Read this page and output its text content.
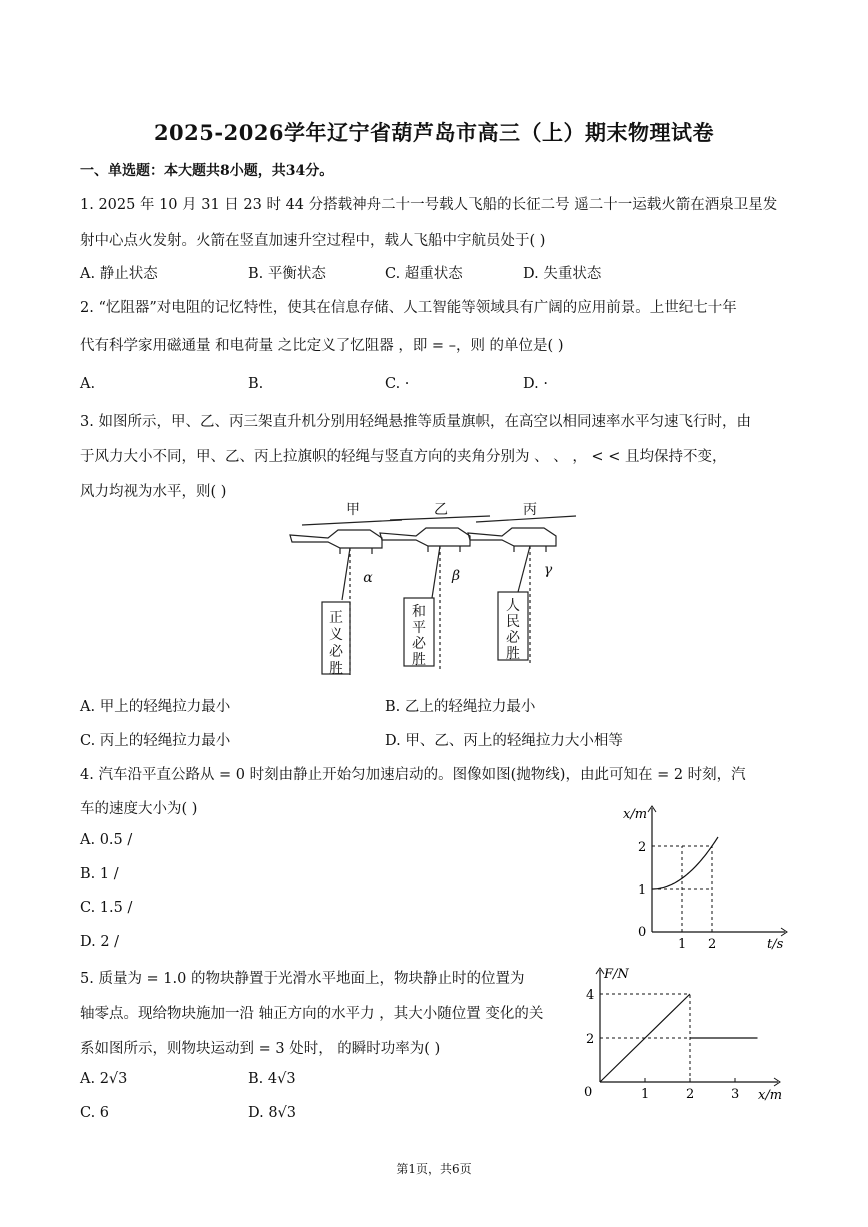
2025-2026学年辽宁省葫芦岛市高三（上）期末物理试卷
一、单选题：本大题共8小题，共34分。
1. 2025 年 10 月 31 日 23 时 44 分搭载神舟二十一号载人飞船的长征二号 遥二十一运载火箭在酒泉卫星发
射中心点火发射。火箭在竖直加速升空过程中，载人飞船中宇航员处于( )
A. 静止状态	B. 平衡状态	C. 超重状态	D. 失重状态
2. “忆阻器”对电阻的记忆特性，使其在信息存储、人工智能等领域具有广阔的应用前景。上世纪七十年
代有科学家用磁通量 和电荷量 之比定义了忆阻器 ，即 = –，则 的单位是( )
A.	B.	C. ·	D. ·
3. 如图所示，甲、乙、丙三架直升机分别用轻绳悬推等质量旗帜，在高空以相同速率水平匀速飞行时，由
于风力大小不同，甲、乙、丙上拉旗帜的轻绳与竖直方向的夹角分别为 、 、 ， < < 且均保持不变，
风力均视为水平，则( )
甲	乙	丙
α	β	γ
正
义
必
胜
和
平
必
胜
人
民
必
胜
A. 甲上的轻绳拉力最小	B. 乙上的轻绳拉力最小
C. 丙上的轻绳拉力最小	D. 甲、乙、丙上的轻绳拉力大小相等
4. 汽车沿平直公路从 = 0 时刻由静止开始匀加速启动的。图像如图(抛物线)，由此可知在 = 2 时刻，汽
车的速度大小为( )
A. 0.5 /
B. 1 /
C. 1.5 /
D. 2 /
x/m
t/s
0
1 2
1
2
5. 质量为 = 1.0 的物块静置于光滑水平地面上，物块静止时的位置为
轴零点。现给物块施加一沿 轴正方向的水平力 ，其大小随位置 变化的关
系如图所示，则物块运动到 = 3 处时， 的瞬时功率为( )
A. 2√3	B. 4√3
C. 6	D. 8√3
F/N
x/m
0	1	2	3
2
4
第1页，共6页
